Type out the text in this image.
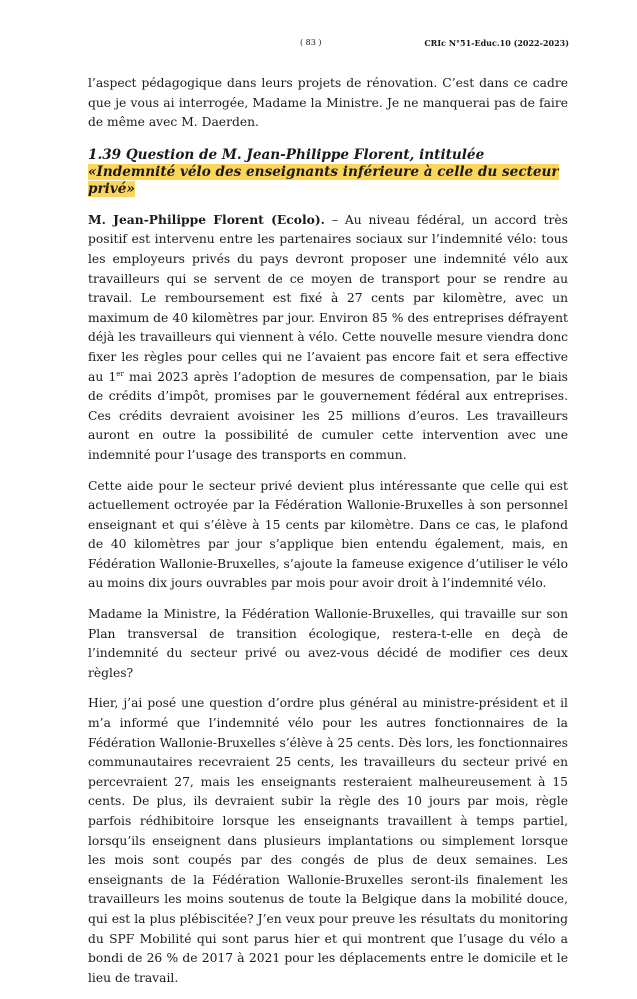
( 83 )	CRIc N°51-Educ.10 (2022-2023)

l’aspect pédagogique dans leurs projets de rénovation. C’est dans ce cadre que je vous ai interrogée, Madame la Ministre. Je ne manquerai pas de faire de même avec M. Daerden.

1.39 Question de M. Jean-Philippe Florent, intitulée «Indemnité vélo des enseignants inférieure à celle du secteur privé»

M. Jean-Philippe Florent (Ecolo). – Au niveau fédéral, un accord très positif est intervenu entre les partenaires sociaux sur l’indemnité vélo: tous les employeurs privés du pays devront proposer une indemnité vélo aux travailleurs qui se servent de ce moyen de transport pour se rendre au travail. Le remboursement est fixé à 27 cents par kilomètre, avec un maximum de 40 kilomètres par jour. Environ 85 % des entreprises défrayent déjà les travailleurs qui viennent à vélo. Cette nouvelle mesure viendra donc fixer les règles pour celles qui ne l’avaient pas encore fait et sera effective au 1er mai 2023 après l’adoption de mesures de compensation, par le biais de crédits d’impôt, promises par le gouvernement fédéral aux entreprises. Ces crédits devraient avoisiner les 25 millions d’euros. Les travailleurs auront en outre la possibilité de cumuler cette intervention avec une indemnité pour l’usage des transports en commun.

Cette aide pour le secteur privé devient plus intéressante que celle qui est actuellement octroyée par la Fédération Wallonie-Bruxelles à son personnel enseignant et qui s’élève à 15 cents par kilomètre. Dans ce cas, le plafond de 40 kilomètres par jour s’applique bien entendu également, mais, en Fédération Wallonie-Bruxelles, s’ajoute la fameuse exigence d’utiliser le vélo au moins dix jours ouvrables par mois pour avoir droit à l’indemnité vélo.

Madame la Ministre, la Fédération Wallonie-Bruxelles, qui travaille sur son Plan transversal de transition écologique, restera-t-elle en deçà de l’indemnité du secteur privé ou avez-vous décidé de modifier ces deux règles?

Hier, j’ai posé une question d’ordre plus général au ministre-président et il m’a informé que l’indemnité vélo pour les autres fonctionnaires de la Fédération Wallonie-Bruxelles s’élève à 25 cents. Dès lors, les fonctionnaires communautaires recevraient 25 cents, les travailleurs du secteur privé en percevraient 27, mais les enseignants resteraient malheureusement à 15 cents. De plus, ils devraient subir la règle des 10 jours par mois, règle parfois rédhibitoire lorsque les enseignants travaillent à temps partiel, lorsqu’ils enseignent dans plusieurs implantations ou simplement lorsque les mois sont coupés par des congés de plus de deux semaines. Les enseignants de la Fédération Wallonie-Bruxelles seront-ils finalement les travailleurs les moins soutenus de toute la Belgique dans la mobilité douce, qui est la plus plébiscitée? J’en veux pour preuve les résultats du monitoring du SPF Mobilité qui sont parus hier et qui montrent que l’usage du vélo a bondi de 26 % de 2017 à 2021 pour les déplacements entre le domicile et le lieu de travail.
